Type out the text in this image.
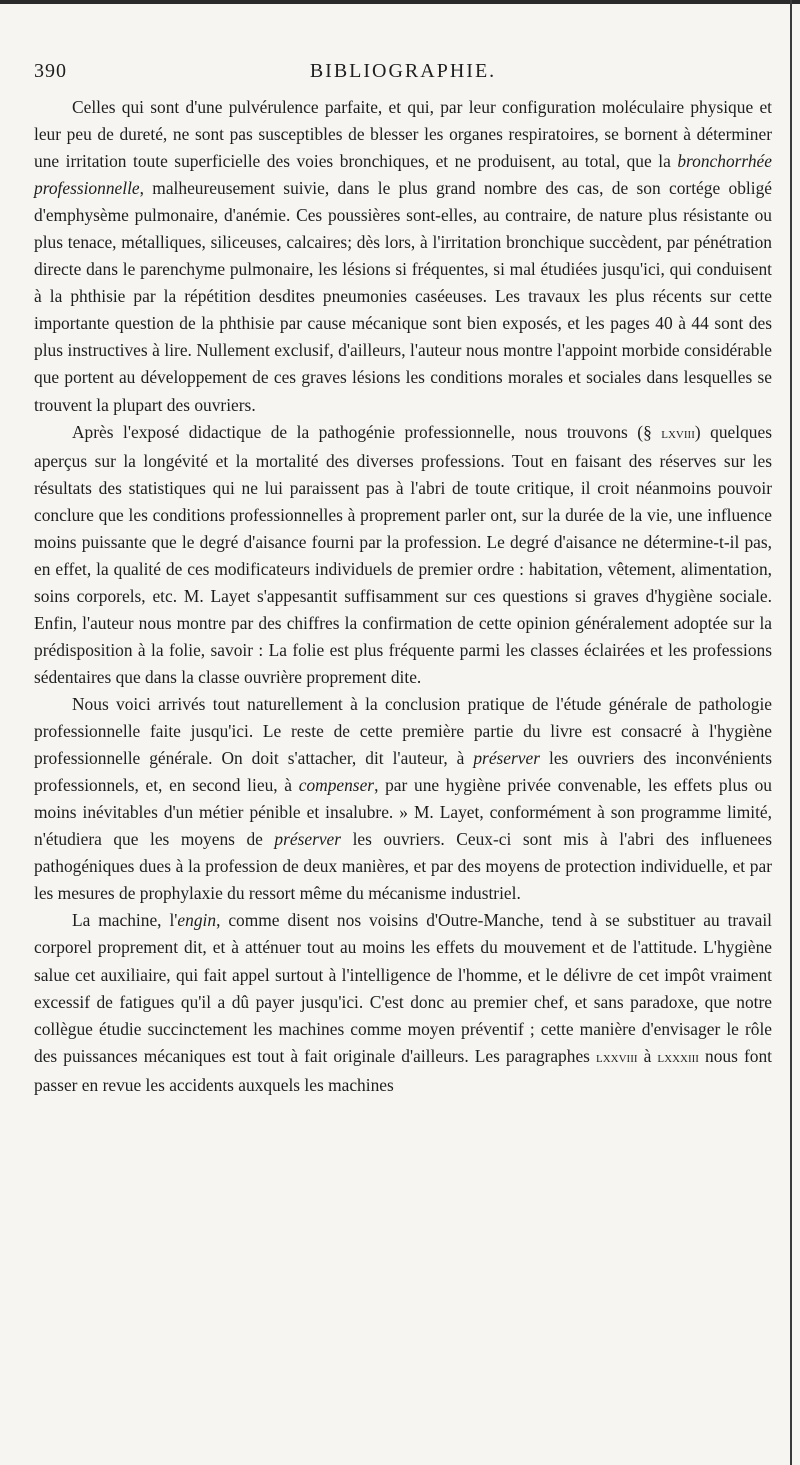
390	BIBLIOGRAPHIE.

Celles qui sont d'une pulvérulence parfaite, et qui, par leur configuration moléculaire physique et leur peu de dureté, ne sont pas susceptibles de blesser les organes respiratoires, se bornent à déterminer une irritation toute superficielle des voies bronchiques, et ne produisent, au total, que la bronchorrhée professionnelle, malheureusement suivie, dans le plus grand nombre des cas, de son cortége obligé d'emphysème pulmonaire, d'anémie. Ces poussières sont-elles, au contraire, de nature plus résistante ou plus tenace, métalliques, siliceuses, calcaires; dès lors, à l'irritation bronchique succèdent, par pénétration directe dans le parenchyme pulmonaire, les lésions si fréquentes, si mal étudiées jusqu'ici, qui conduisent à la phthisie par la répétition desdites pneumonies caséeuses. Les travaux les plus récents sur cette importante question de la phthisie par cause mécanique sont bien exposés, et les pages 40 à 44 sont des plus instructives à lire. Nullement exclusif, d'ailleurs, l'auteur nous montre l'appoint morbide considérable que portent au développement de ces graves lésions les conditions morales et sociales dans lesquelles se trouvent la plupart des ouvriers.

Après l'exposé didactique de la pathogénie professionnelle, nous trouvons (§ lxviii) quelques aperçus sur la longévité et la mortalité des diverses professions. Tout en faisant des réserves sur les résultats des statistiques qui ne lui paraissent pas à l'abri de toute critique, il croit néanmoins pouvoir conclure que les conditions professionnelles à proprement parler ont, sur la durée de la vie, une influence moins puissante que le degré d'aisance fourni par la profession. Le degré d'aisance ne détermine-t-il pas, en effet, la qualité de ces modificateurs individuels de premier ordre : habitation, vêtement, alimentation, soins corporels, etc. M. Layet s'appesantit suffisamment sur ces questions si graves d'hygiène sociale. Enfin, l'auteur nous montre par des chiffres la confirmation de cette opinion généralement adoptée sur la prédisposition à la folie, savoir : La folie est plus fréquente parmi les classes éclairées et les professions sédentaires que dans la classe ouvrière proprement dite.

Nous voici arrivés tout naturellement à la conclusion pratique de l'étude générale de pathologie professionnelle faite jusqu'ici. Le reste de cette première partie du livre est consacré à l'hygiène professionnelle générale. On doit s'attacher, dit l'auteur, à préserver les ouvriers des inconvénients professionnels, et, en second lieu, à compenser, par une hygiène privée convenable, les effets plus ou moins inévitables d'un métier pénible et insalubre. » M. Layet, conformément à son programme limité, n'étudiera que les moyens de préserver les ouvriers. Ceux-ci sont mis à l'abri des influenees pathogéniques dues à la profession de deux manières, et par des moyens de protection individuelle, et par les mesures de prophylaxie du ressort même du mécanisme industriel.

La machine, l'engin, comme disent nos voisins d'Outre-Manche, tend à se substituer au travail corporel proprement dit, et à atténuer tout au moins les effets du mouvement et de l'attitude. L'hygiène salue cet auxiliaire, qui fait appel surtout à l'intelligence de l'homme, et le délivre de cet impôt vraiment excessif de fatigues qu'il a dû payer jusqu'ici. C'est donc au premier chef, et sans paradoxe, que notre collègue étudie succinctement les machines comme moyen préventif ; cette manière d'envisager le rôle des puissances mécaniques est tout à fait originale d'ailleurs. Les paragraphes lxxviii à lxxxiii nous font passer en revue les accidents auxquels les machines
